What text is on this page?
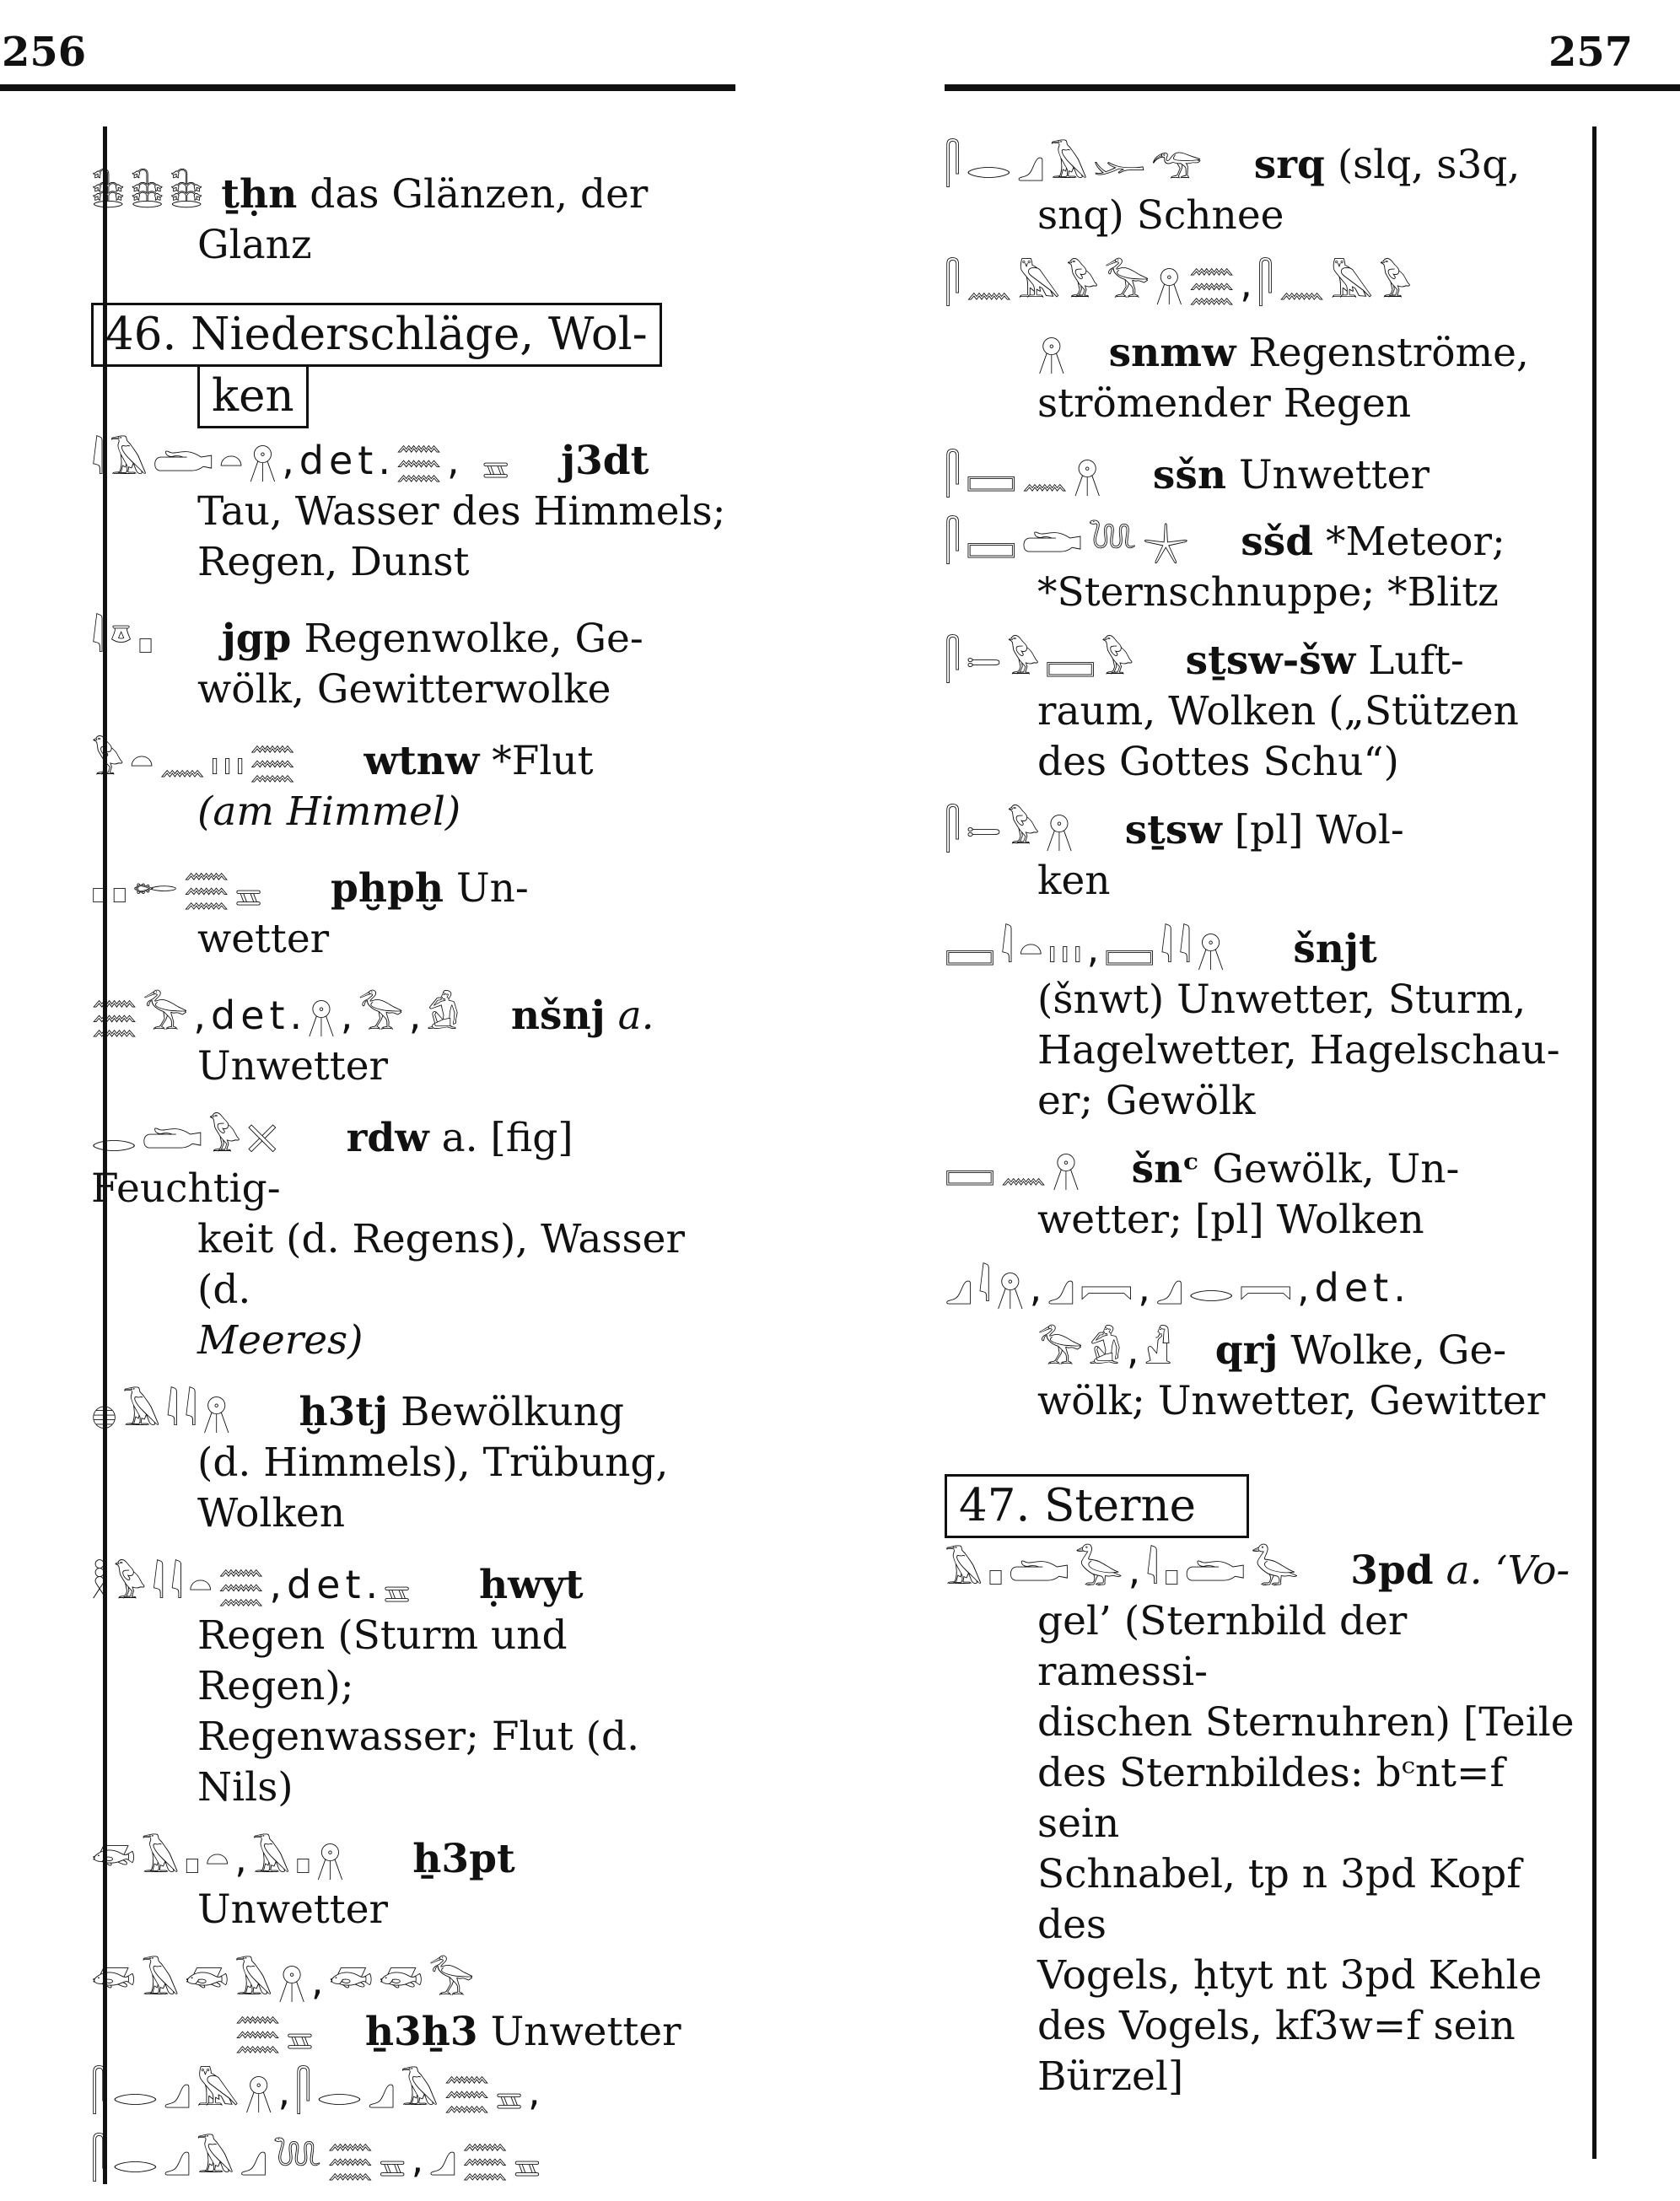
256	257
𓇖𓇖𓇖 ṯḥn das Glänzen, der
Glanz
46. Niederschläge, Wol-
ken
𓇋𓄿𓂧𓏏𓇶,det.𓈗, 𓈇 j3dt
Tau, Wasser des Himmels;
Regen, Dunst
𓇋𓎼𓊪 jgp Regenwolke, Ge-
wölk, Gewitterwolke
𓅱𓏏𓈖𓏥𓈗 wtnw *Flut
(am Himmel)
𓊪𓊪𓄡𓈗𓈇 pḫpḫ Un-
wetter
𓈗𓅡,det.𓇶,𓅡,𓀁 nšnj a.
Unwetter
𓂋𓂧𓅱𓏴 rdw a. [fig] Feuchtig-
keit (d. Regens), Wasser (d.
Meeres)
𓐍𓄿𓇋𓇋𓇶 ḫ3tj Bewölkung
(d. Himmels), Trübung,
Wolken
𓎛𓅱𓇋𓇋𓏏𓈗,det.𓈇 ḥwyt
Regen (Sturm und Regen);
Regenwasser; Flut (d. Nils)
𓆛𓄿𓊪𓏏,𓄿𓊪𓇶 ẖ3pt
Unwetter
𓆛𓄿𓆛𓄿𓇶,𓆛𓆛𓅡
𓈗𓈇 ẖ3ẖ3 Unwetter
𓋴𓂋𓈎𓅓𓇶,𓋴𓂋𓈎𓄿𓈗𓈇,
𓋴𓂋𓈎𓄿𓈎𓆙𓈗𓈇,𓈎𓈗𓈇
𓋴𓂋𓈎𓄿𓆱𓅠 srq (slq, s3q,
snq) Schnee
𓋴𓈖𓅓𓅱𓅡𓇶𓈗,𓋴𓈖𓅓𓅱
𓇶 snmw Regenströme,
strömender Regen
𓋴𓈙𓈖𓇶 sšn Unwetter
𓋴𓈙𓂧𓆙𓇼 sšd *Meteor;
*Sternschnuppe; *Blitz
𓋴𓍿𓅱𓈙𓅱 sṯsw-šw Luft-
raum, Wolken („Stützen
des Gottes Schu“)
𓋴𓍿𓅱𓇶 sṯsw [pl] Wol-
ken
𓈙𓇋𓏏𓏥,𓈙𓇋𓇋𓇶 šnjt
(šnwt) Unwetter, Sturm,
Hagelwetter, Hagelschau-
er; Gewölk
𓈙𓈖𓇶 šnᶜ Gewölk, Un-
wetter; [pl] Wolken
𓈎𓇋𓇶,𓈎𓇯,𓈎𓂋𓇯,det.
𓅡𓀁,𓀭 qrj Wolke, Ge-
wölk; Unwetter, Gewitter
47. Sterne
𓄿𓊪𓂧𓅭,𓇋𓊪𓂧𓅭 3pd a. ‘Vo-
gel’ (Sternbild der ramessi-
dischen Sternuhren) [Teile
des Sternbildes: bᶜnt=f sein
Schnabel, tp n 3pd Kopf des
Vogels, ḥtyt nt 3pd Kehle
des Vogels, kf3w=f sein
Bürzel]
